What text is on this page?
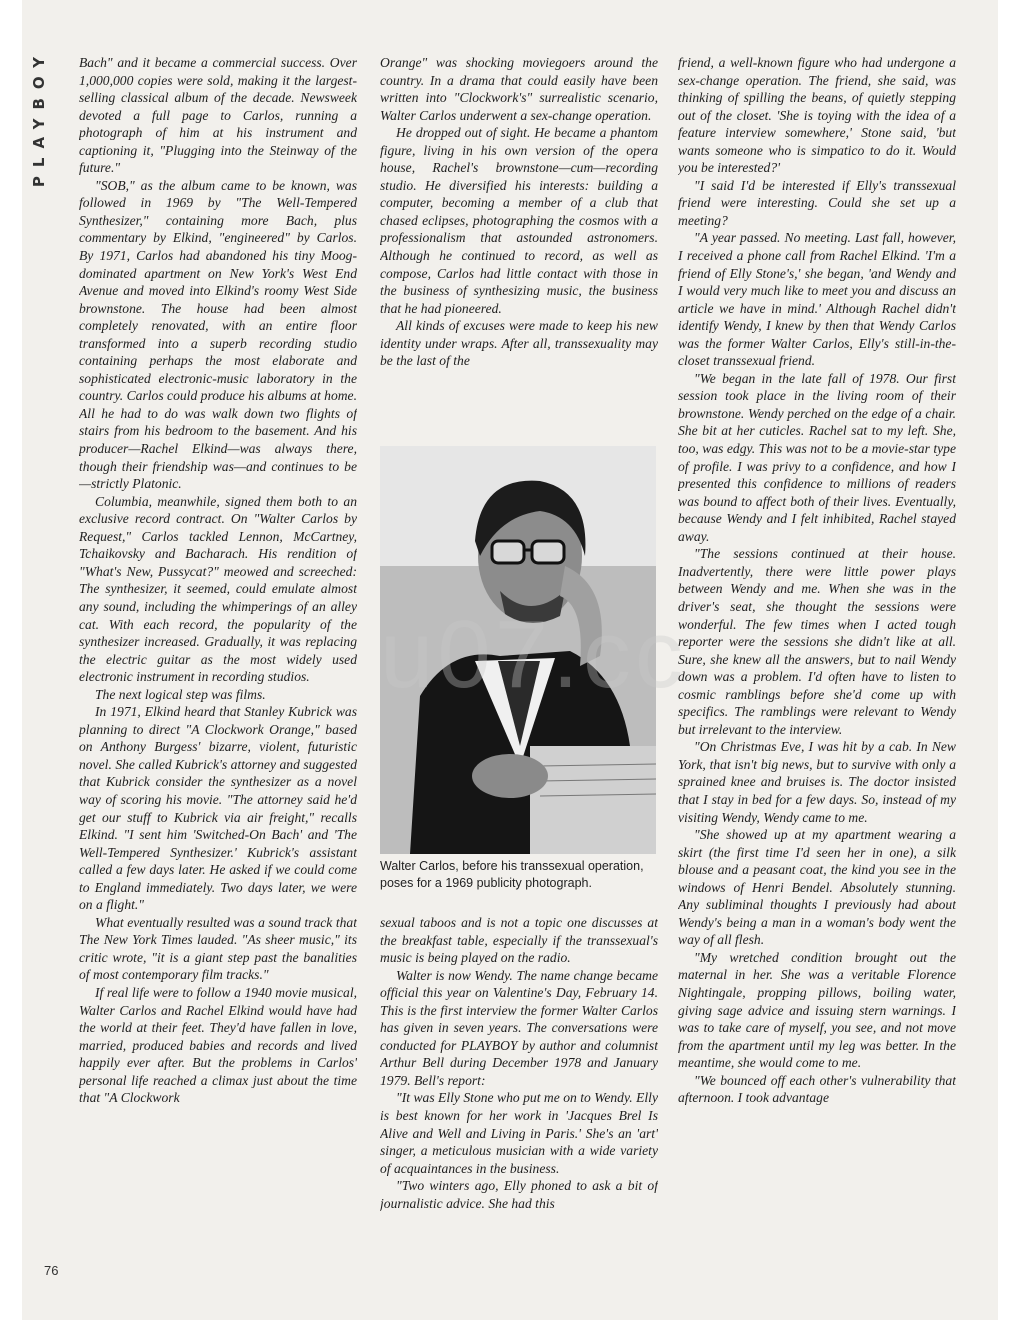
PLAYBOY
76

Bach" and it became a commercial success. Over 1,000,000 copies were sold, making it the largest-selling classical album of the decade. Newsweek devoted a full page to Carlos, running a photograph of him at his instrument and captioning it, "Plugging into the Steinway of the future."

"SOB," as the album came to be known, was followed in 1969 by "The Well-Tempered Synthesizer," containing more Bach, plus commentary by Elkind, "engineered" by Carlos. By 1971, Carlos had abandoned his tiny Moog-dominated apartment on New York's West End Avenue and moved into Elkind's roomy West Side brownstone. The house had been almost completely renovated, with an entire floor transformed into a superb recording studio containing perhaps the most elaborate and sophisticated electronic-music laboratory in the country. Carlos could produce his albums at home. All he had to do was walk down two flights of stairs from his bedroom to the basement. And his producer—Rachel Elkind—was always there, though their friendship was—and continues to be—strictly Platonic.

Columbia, meanwhile, signed them both to an exclusive record contract. On "Walter Carlos by Request," Carlos tackled Lennon, McCartney, Tchaikovsky and Bacharach. His rendition of "What's New, Pussycat?" meowed and screeched: The synthesizer, it seemed, could emulate almost any sound, including the whimperings of an alley cat. With each record, the popularity of the synthesizer increased. Gradually, it was replacing the electric guitar as the most widely used electronic instrument in recording studios.

The next logical step was films.

In 1971, Elkind heard that Stanley Kubrick was planning to direct "A Clockwork Orange," based on Anthony Burgess' bizarre, violent, futuristic novel. She called Kubrick's attorney and suggested that Kubrick consider the synthesizer as a novel way of scoring his movie. "The attorney said he'd get our stuff to Kubrick via air freight," recalls Elkind. "I sent him 'Switched-On Bach' and 'The Well-Tempered Synthesizer.' Kubrick's assistant called a few days later. He asked if we could come to England immediately. Two days later, we were on a flight."

What eventually resulted was a sound track that The New York Times lauded. "As sheer music," its critic wrote, "it is a giant step past the banalities of most contemporary film tracks."

If real life were to follow a 1940 movie musical, Walter Carlos and Rachel Elkind would have had the world at their feet. They'd have fallen in love, married, produced babies and records and lived happily ever after. But the problems in Carlos' personal life reached a climax just about the time that "A Clockwork

Orange" was shocking moviegoers around the country. In a drama that could easily have been written into "Clockwork's" surrealistic scenario, Walter Carlos underwent a sex-change operation.

He dropped out of sight. He became a phantom figure, living in his own version of the opera house, Rachel's brownstone—cum—recording studio. He diversified his interests: building a computer, becoming a member of a club that chased eclipses, photographing the cosmos with a professionalism that astounded astronomers. Although he continued to record, as well as compose, Carlos had little contact with those in the business of synthesizing music, the business that he had pioneered.

All kinds of excuses were made to keep his new identity under wraps. After all, transsexuality may be the last of the

Walter Carlos, before his transsexual operation, poses for a 1969 publicity photograph.

sexual taboos and is not a topic one discusses at the breakfast table, especially if the transsexual's music is being played on the radio.

Walter is now Wendy. The name change became official this year on Valentine's Day, February 14. This is the first interview the former Walter Carlos has given in seven years. The conversations were conducted for PLAYBOY by author and columnist Arthur Bell during December 1978 and January 1979. Bell's report:

"It was Elly Stone who put me on to Wendy. Elly is best known for her work in 'Jacques Brel Is Alive and Well and Living in Paris.' She's an 'art' singer, a meticulous musician with a wide variety of acquaintances in the business.

"Two winters ago, Elly phoned to ask a bit of journalistic advice. She had this

friend, a well-known figure who had undergone a sex-change operation. The friend, she said, was thinking of spilling the beans, of quietly stepping out of the closet. 'She is toying with the idea of a feature interview somewhere,' Stone said, 'but wants someone who is simpatico to do it. Would you be interested?'

"I said I'd be interested if Elly's transsexual friend were interesting. Could she set up a meeting?

"A year passed. No meeting. Last fall, however, I received a phone call from Rachel Elkind. 'I'm a friend of Elly Stone's,' she began, 'and Wendy and I would very much like to meet you and discuss an article we have in mind.' Although Rachel didn't identify Wendy, I knew by then that Wendy Carlos was the former Walter Carlos, Elly's still-in-the-closet transsexual friend.

"We began in the late fall of 1978. Our first session took place in the living room of their brownstone. Wendy perched on the edge of a chair. She bit at her cuticles. Rachel sat to my left. She, too, was edgy. This was not to be a movie-star type of profile. I was privy to a confidence, and how I presented this confidence to millions of readers was bound to affect both of their lives. Eventually, because Wendy and I felt inhibited, Rachel stayed away.

"The sessions continued at their house. Inadvertently, there were little power plays between Wendy and me. When she was in the driver's seat, she thought the sessions were wonderful. The few times when I acted tough reporter were the sessions she didn't like at all. Sure, she knew all the answers, but to nail Wendy down was a problem. I'd often have to listen to cosmic ramblings before she'd come up with specifics. The ramblings were relevant to Wendy but irrelevant to the interview.

"On Christmas Eve, I was hit by a cab. In New York, that isn't big news, but to survive with only a sprained knee and bruises is. The doctor insisted that I stay in bed for a few days. So, instead of my visiting Wendy, Wendy came to me.

"She showed up at my apartment wearing a skirt (the first time I'd seen her in one), a silk blouse and a peasant coat, the kind you see in the windows of Henri Bendel. Absolutely stunning. Any subliminal thoughts I previously had about Wendy's being a man in a woman's body went the way of all flesh.

"My wretched condition brought out the maternal in her. She was a veritable Florence Nightingale, propping pillows, boiling water, giving sage advice and issuing stern warnings. I was to take care of myself, you see, and not move from the apartment until my leg was better. In the meantime, she would come to me.

"We bounced off each other's vulnerability that afternoon. I took advantage

u07.cc
